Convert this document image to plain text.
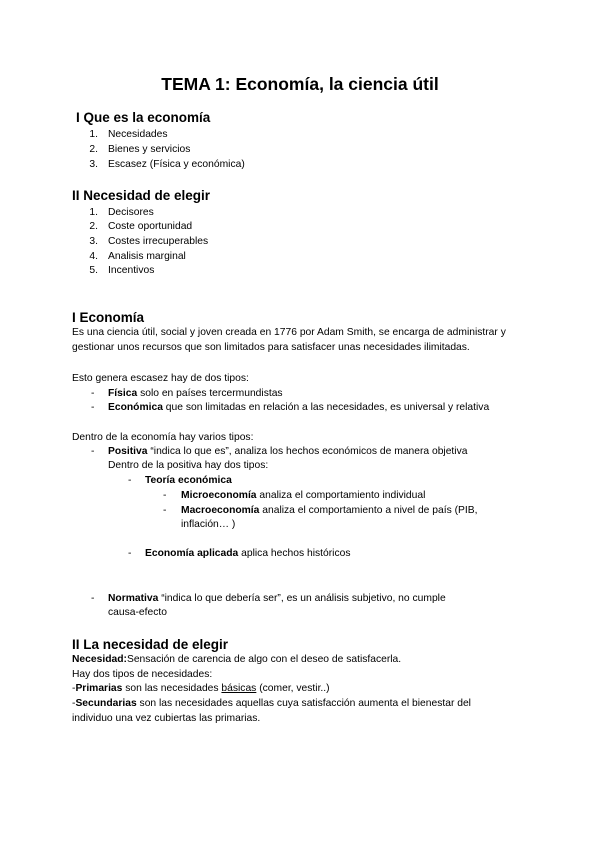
TEMA 1: Economía, la ciencia útil
I Que es la economía
1. Necesidades
2. Bienes y servicios
3. Escasez (Física y económica)
II Necesidad de elegir
1. Decisores
2. Coste oportunidad
3. Costes irrecuperables
4. Analisis marginal
5. Incentivos
I Economía
Es una ciencia útil, social y joven creada en 1776 por Adam Smith, se encarga de administrar y gestionar unos recursos que son limitados para satisfacer unas necesidades ilimitadas.
Esto genera escasez hay de dos tipos:
- Física solo en países tercermundistas
- Económica que son limitadas en relación a las necesidades, es universal y relativa
Dentro de la economía hay varios tipos:
- Positiva “indica lo que es”, analiza los hechos económicos de manera objetiva
Dentro de la positiva hay dos tipos:
- Teoría económica
- Microeconomía analiza el comportamiento individual
- Macroeconomía analiza el comportamiento a nivel de país (PIB,
inflación… )
- Economía aplicada aplica hechos históricos
- Normativa “indica lo que debería ser”, es un análisis subjetivo, no cumple
causa-efecto
II La necesidad de elegir
Necesidad:Sensación de carencia de algo con el deseo de satisfacerla.
Hay dos tipos de necesidades:
-Primarias son las necesidades básicas (comer, vestir..)
-Secundarias son las necesidades aquellas cuya satisfacción aumenta el bienestar del individuo una vez cubiertas las primarias.
